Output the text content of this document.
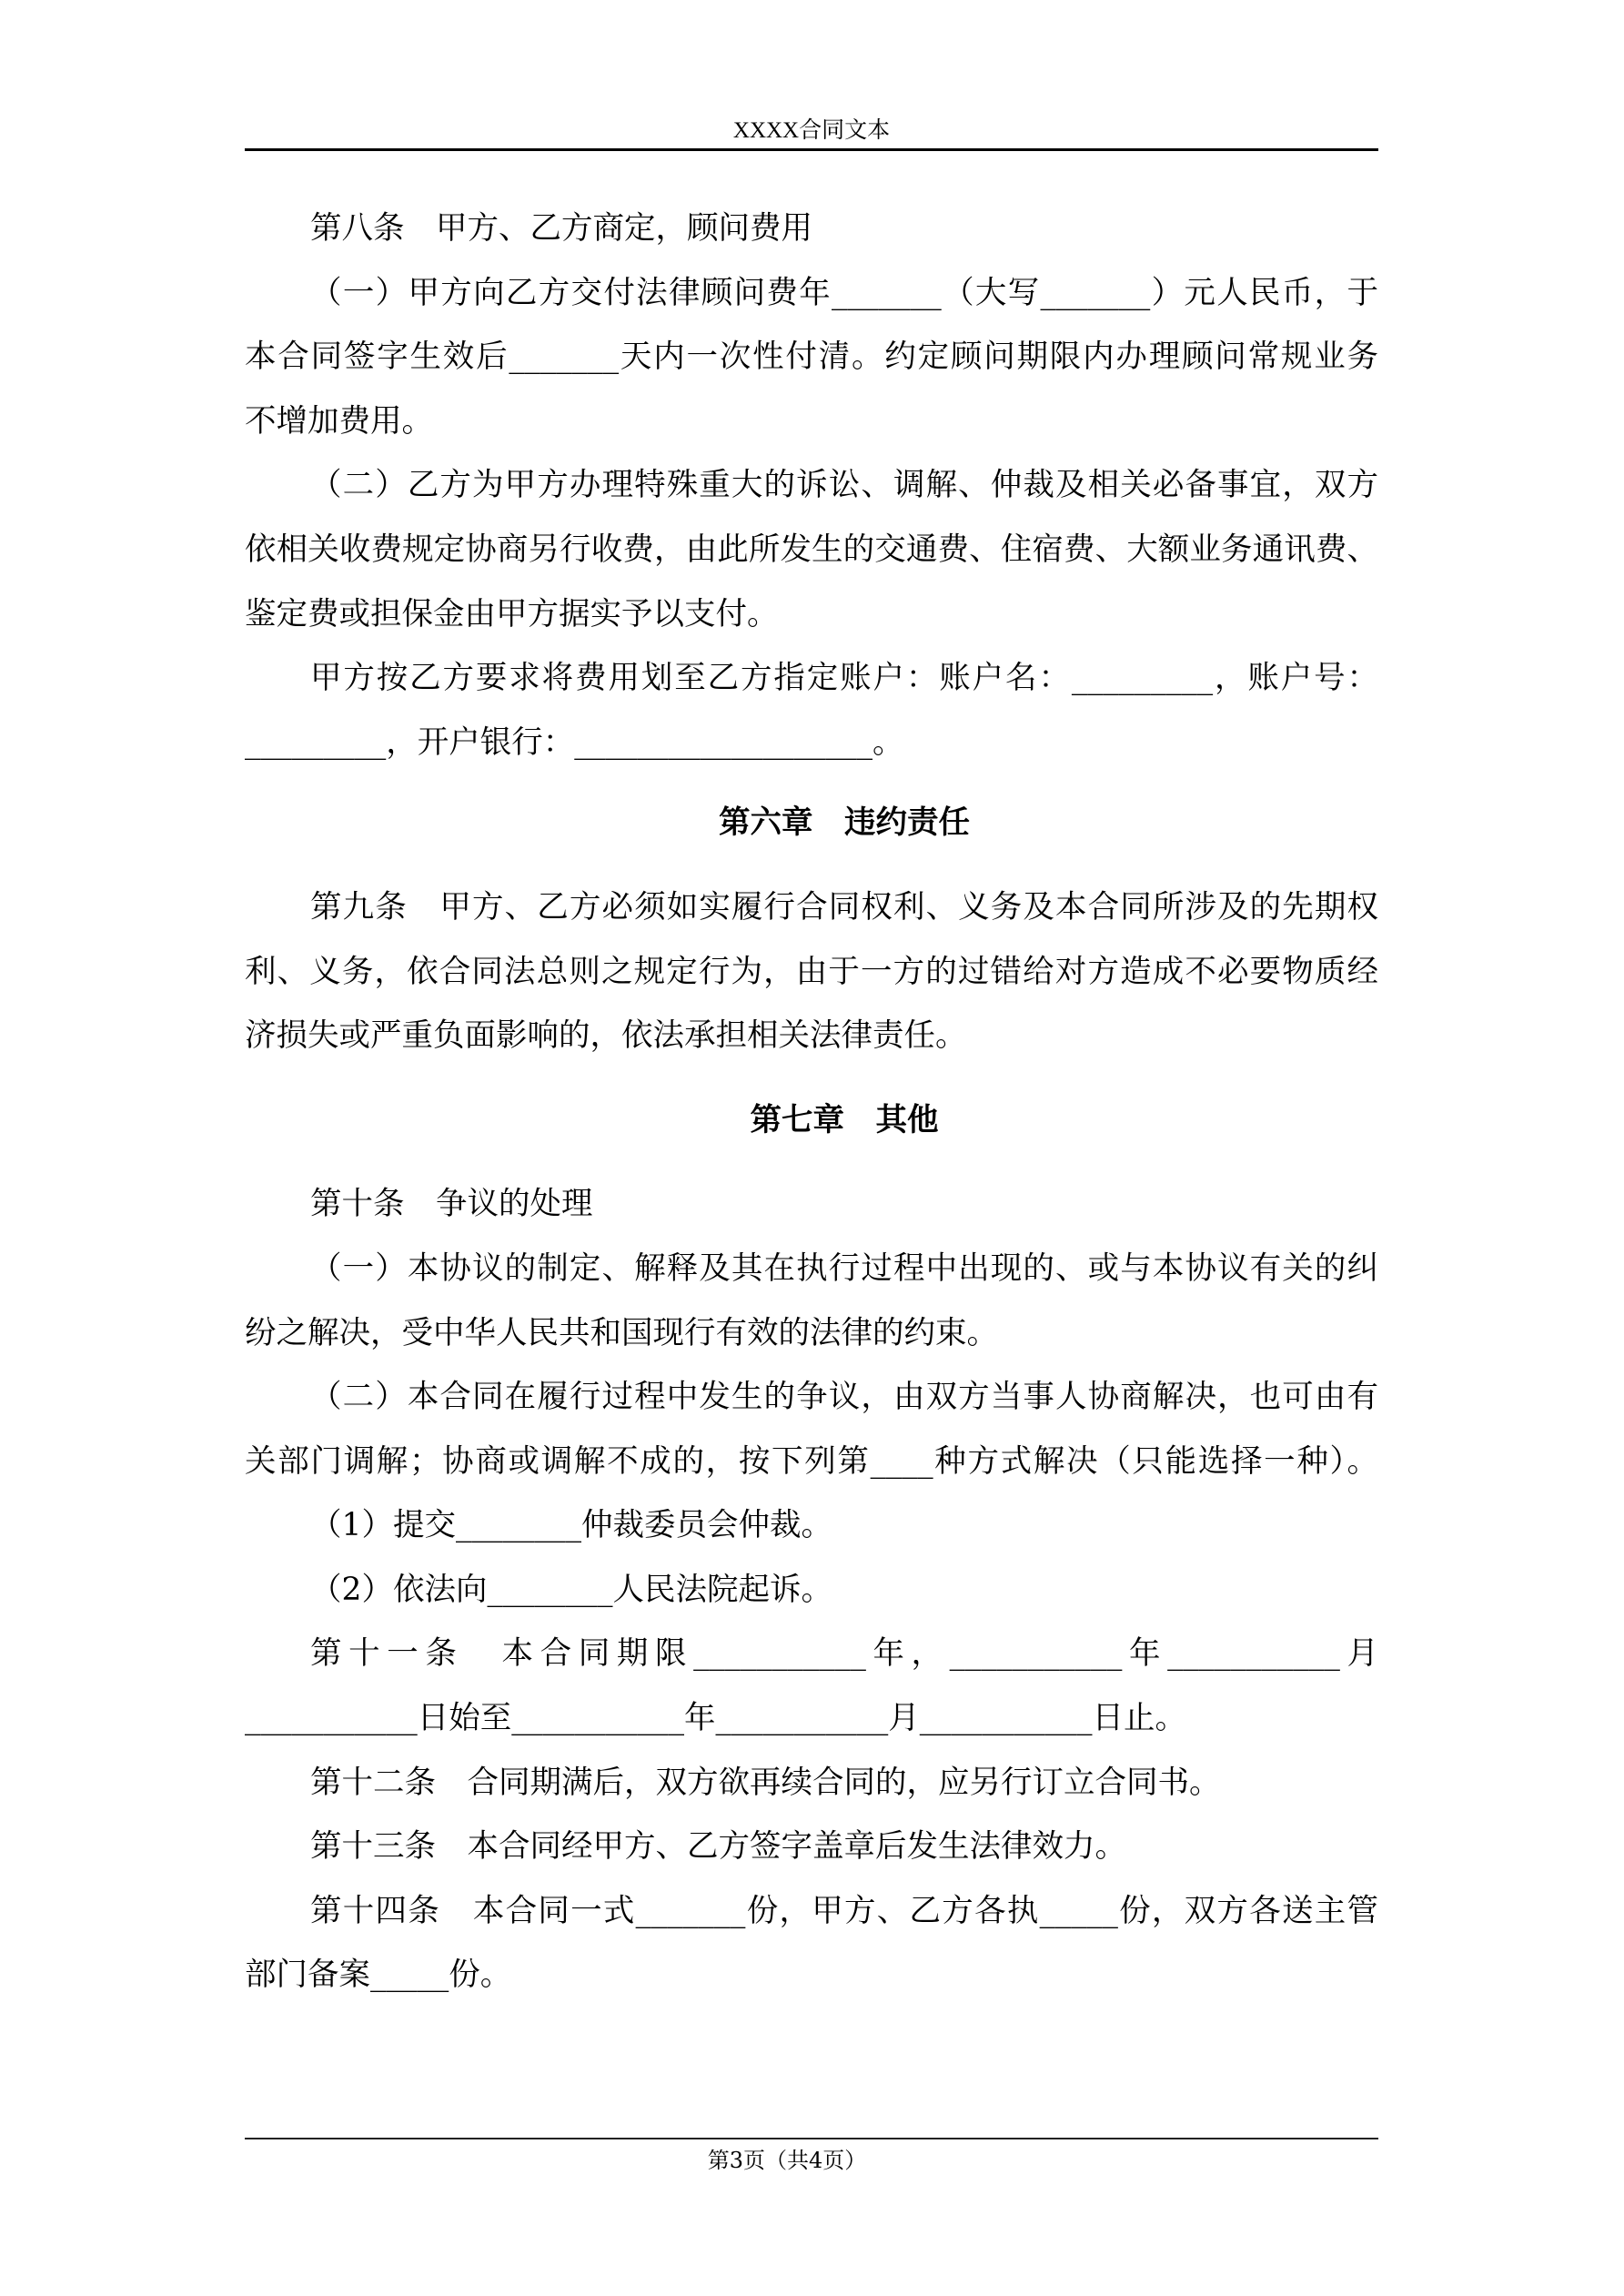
XXXX合同文本
第八条　甲方、乙方商定，顾问费用
（一）甲方向乙方交付法律顾问费年_______（大写_______）元人民币，于
本合同签字生效后_______天内一次性付清。约定顾问期限内办理顾问常规业务
不增加费用。
（二）乙方为甲方办理特殊重大的诉讼、调解、仲裁及相关必备事宜，双方
依相关收费规定协商另行收费，由此所发生的交通费、住宿费、大额业务通讯费、
鉴定费或担保金由甲方据实予以支付。
甲方按乙方要求将费用划至乙方指定账户：账户名：_________，账户号：
_________，开户银行：___________________。
第六章　违约责任
第九条　甲方、乙方必须如实履行合同权利、义务及本合同所涉及的先期权
利、义务，依合同法总则之规定行为，由于一方的过错给对方造成不必要物质经
济损失或严重负面影响的，依法承担相关法律责任。
第七章　其他
第十条　争议的处理
（一）本协议的制定、解释及其在执行过程中出现的、或与本协议有关的纠
纷之解决，受中华人民共和国现行有效的法律的约束。
（二）本合同在履行过程中发生的争议，由双方当事人协商解决，也可由有
关部门调解；协商或调解不成的，按下列第____种方式解决（只能选择一种）。
（1）提交________仲裁委员会仲裁。
（2）依法向________人民法院起诉。
第十一条　本合同期限___________年，___________年___________月
___________日始至___________年___________月___________日止。
第十二条　合同期满后，双方欲再续合同的，应另行订立合同书。
第十三条　本合同经甲方、乙方签字盖章后发生法律效力。
第十四条　本合同一式_______份，甲方、乙方各执_____份，双方各送主管
部门备案_____份。
第3页（共4页）
